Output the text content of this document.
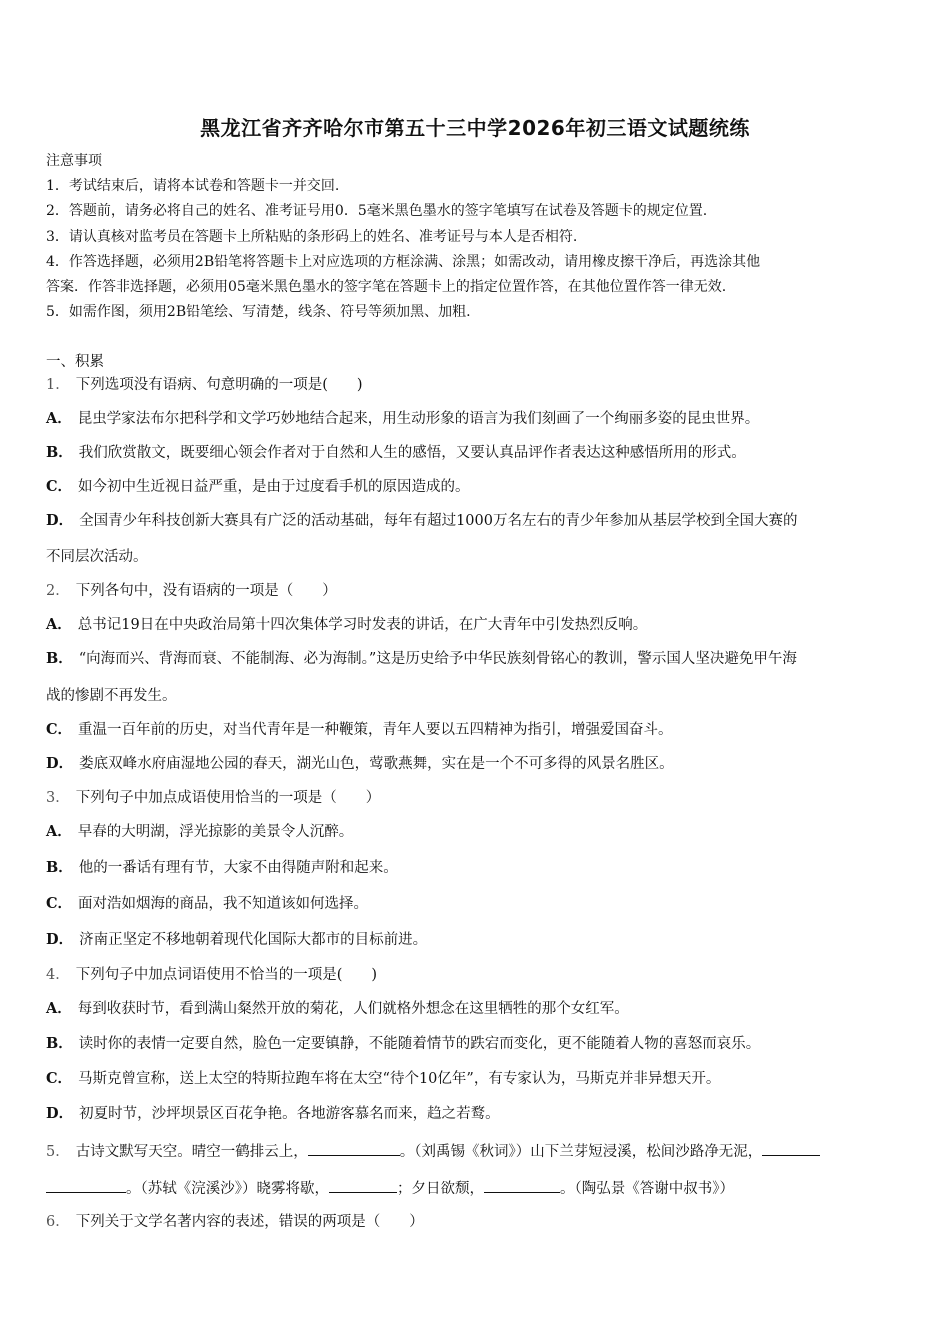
黑龙江省齐齐哈尔市第五十三中学2026年初三语文试题统练
注意事项
1．考试结束后，请将本试卷和答题卡一并交回.
2．答题前，请务必将自己的姓名、准考证号用0．5毫米黑色墨水的签字笔填写在试卷及答题卡的规定位置.
3．请认真核对监考员在答题卡上所粘贴的条形码上的姓名、准考证号与本人是否相符.
4．作答选择题，必须用2B铅笔将答题卡上对应选项的方框涂满、涂黑；如需改动，请用橡皮擦干净后，再选涂其他
答案．作答非选择题，必须用05毫米黑色墨水的签字笔在答题卡上的指定位置作答，在其他位置作答一律无效.
5．如需作图，须用2B铅笔绘、写清楚，线条、符号等须加黑、加粗.
一、积累
1． 下列选项没有语病、句意明确的一项是(　　)
A． 昆虫学家法布尔把科学和文学巧妙地结合起来，用生动形象的语言为我们刻画了一个绚丽多姿的昆虫世界。
B． 我们欣赏散文，既要细心领会作者对于自然和人生的感悟，又要认真品评作者表达这种感悟所用的形式。
C． 如今初中生近视日益严重，是由于过度看手机的原因造成的。
D． 全国青少年科技创新大赛具有广泛的活动基础，每年有超过1000万名左右的青少年参加从基层学校到全国大赛的
不同层次活动。
2． 下列各句中，没有语病的一项是（　　）
A． 总书记19日在中央政治局第十四次集体学习时发表的讲话，在广大青年中引发热烈反响。
B． “向海而兴、背海而衰、不能制海、必为海制。”这是历史给予中华民族刻骨铭心的教训，警示国人坚决避免甲午海
战的惨剧不再发生。
C． 重温一百年前的历史，对当代青年是一种鞭策，青年人要以五四精神为指引，增强爱国奋斗。
D． 娄底双峰水府庙湿地公园的春天，湖光山色，莺歌燕舞，实在是一个不可多得的风景名胜区。
3． 下列句子中加点成语使用恰当的一项是（　　）
A． 早春的大明湖，浮光掠影的美景令人沉醉。
B． 他的一番话有理有节，大家不由得随声附和起来。
C． 面对浩如烟海的商品，我不知道该如何选择。
D． 济南正坚定不移地朝着现代化国际大都市的目标前进。
4． 下列句子中加点词语使用不恰当的一项是(　　)
A． 每到收获时节，看到满山粲然开放的菊花，人们就格外想念在这里牺牲的那个女红军。
B． 读时你的表情一定要自然，脸色一定要镇静，不能随着情节的跌宕而变化，更不能随着人物的喜怒而哀乐。
C． 马斯克曾宣称，送上太空的特斯拉跑车将在太空“待个10亿年”，有专家认为，马斯克并非异想天开。
D． 初夏时节，沙坪坝景区百花争艳。各地游客慕名而来，趋之若鹜。
5． 古诗文默写天空。晴空一鹤排云上，	。（刘禹锡《秋词》）山下兰芽短浸溪，松间沙路净无泥，
。（苏轼《浣溪沙》）晓雾将歇，	；夕日欲颓，	。（陶弘景《答谢中叔书》）
6． 下列关于文学名著内容的表述，错误的两项是（　　）
